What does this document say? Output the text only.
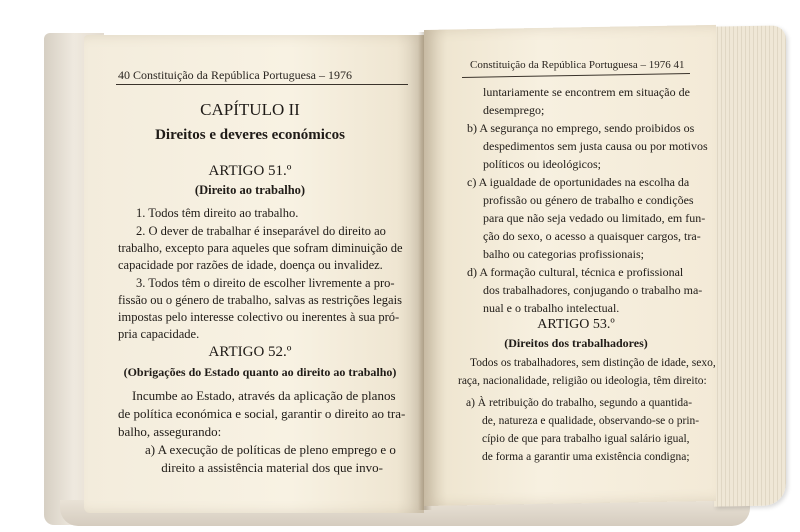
40 Constituição da República Portuguesa – 1976
CAPÍTULO II
Direitos e deveres económicos
ARTIGO 51.º
(Direito ao trabalho)
1. Todos têm direito ao trabalho.
2. O dever de trabalhar é inseparável do direito ao
trabalho, excepto para aqueles que sofram diminuição de
capacidade por razões de idade, doença ou invalidez.
3. Todos têm o direito de escolher livremente a pro-
fissão ou o género de trabalho, salvas as restrições legais
impostas pelo interesse colectivo ou inerentes à sua pró-
pria capacidade.
ARTIGO 52.º
(Obrigações do Estado quanto ao direito ao trabalho)
Incumbe ao Estado, através da aplicação de planos
de política económica e social, garantir o direito ao tra-
balho, assegurando:
a) A execução de políticas de pleno emprego e o
direito a assistência material dos que invo-
Constituição da República Portuguesa – 1976 41
luntariamente se encontrem em situação de
desemprego;
b) A segurança no emprego, sendo proibidos os
despedimentos sem justa causa ou por motivos
políticos ou ideológicos;
c) A igualdade de oportunidades na escolha da
profissão ou género de trabalho e condições
para que não seja vedado ou limitado, em fun-
ção do sexo, o acesso a quaisquer cargos, tra-
balho ou categorias profissionais;
d) A formação cultural, técnica e profissional
dos trabalhadores, conjugando o trabalho ma-
nual e o trabalho intelectual.
ARTIGO 53.º
(Direitos dos trabalhadores)
Todos os trabalhadores, sem distinção de idade, sexo,
raça, nacionalidade, religião ou ideologia, têm direito:
a) À retribuição do trabalho, segundo a quantida-
de, natureza e qualidade, observando-se o prin-
cípio de que para trabalho igual salário igual,
de forma a garantir uma existência condigna;
